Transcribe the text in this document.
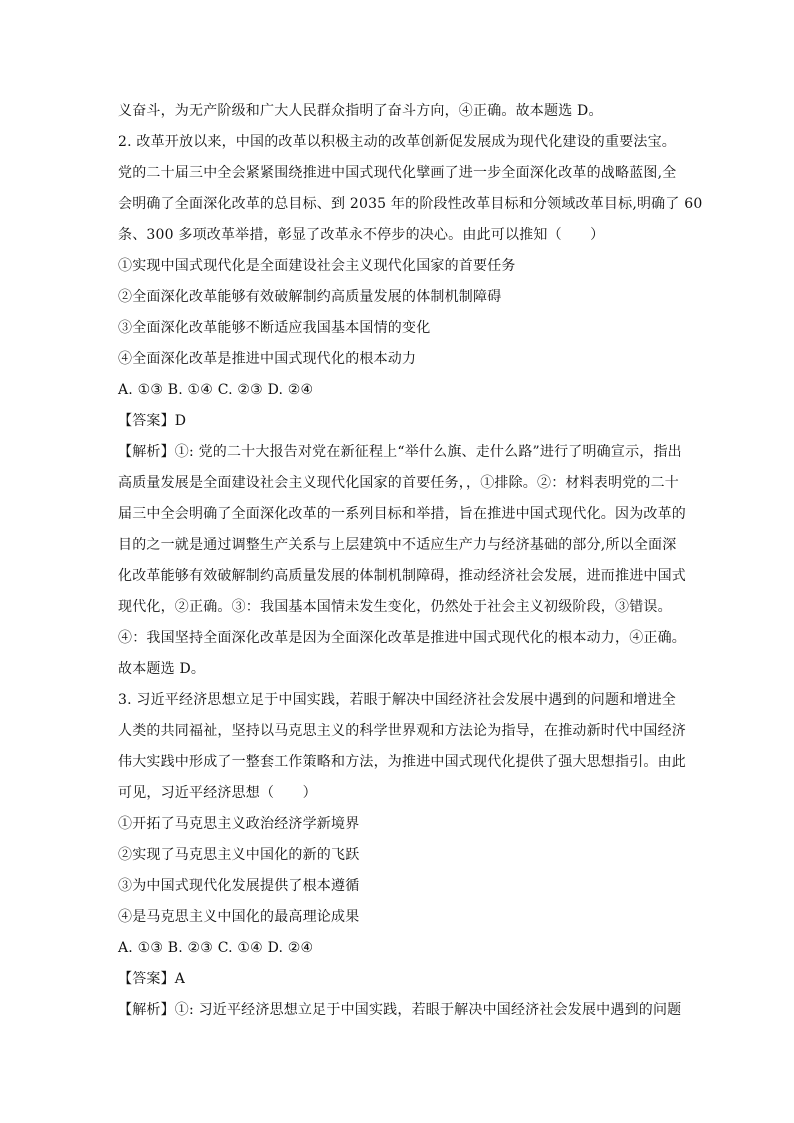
义奋斗，为无产阶级和广大人民群众指明了奋斗方向，④正确。故本题选 D。
2. 改革开放以来，中国的改革以积极主动的改革创新促发展成为现代化建设的重要法宝。
党的二十届三中全会紧紧围绕推进中国式现代化擘画了进一步全面深化改革的战略蓝图,全
会明确了全面深化改革的总目标、到 2035 年的阶段性改革目标和分领域改革目标,明确了 60
条、300 多项改革举措，彰显了改革永不停步的决心。由此可以推知（　　）
①实现中国式现代化是全面建设社会主义现代化国家的首要任务
②全面深化改革能够有效破解制约高质量发展的体制机制障碍
③全面深化改革能够不断适应我国基本国情的变化
④全面深化改革是推进中国式现代化的根本动力
A. ①③ B. ①④ C. ②③ D. ②④
【答案】D
【解析】①: 党的二十大报告对党在新征程上“举什么旗、走什么路”进行了明确宣示，指出
高质量发展是全面建设社会主义现代化国家的首要任务，，①排除。②：材料表明党的二十
届三中全会明确了全面深化改革的一系列目标和举措，旨在推进中国式现代化。因为改革的
目的之一就是通过调整生产关系与上层建筑中不适应生产力与经济基础的部分,所以全面深
化改革能够有效破解制约高质量发展的体制机制障碍，推动经济社会发展，进而推进中国式
现代化，②正确。③：我国基本国情未发生变化，仍然处于社会主义初级阶段，③错误。
④：我国坚持全面深化改革是因为全面深化改革是推进中国式现代化的根本动力，④正确。
故本题选 D。
3. 习近平经济思想立足于中国实践，若眼于解决中国经济社会发展中遇到的问题和增进全
人类的共同福祉，坚持以马克思主义的科学世界观和方法论为指导，在推动新时代中国经济
伟大实践中形成了一整套工作策略和方法，为推进中国式现代化提供了强大思想指引。由此
可见，习近平经济思想（　　）
①开拓了马克思主义政治经济学新境界
②实现了马克思主义中国化的新的飞跃
③为中国式现代化发展提供了根本遵循
④是马克思主义中国化的最高理论成果
A. ①③ B. ②③ C. ①④ D. ②④
【答案】A
【解析】①: 习近平经济思想立足于中国实践，若眼于解决中国经济社会发展中遇到的问题
